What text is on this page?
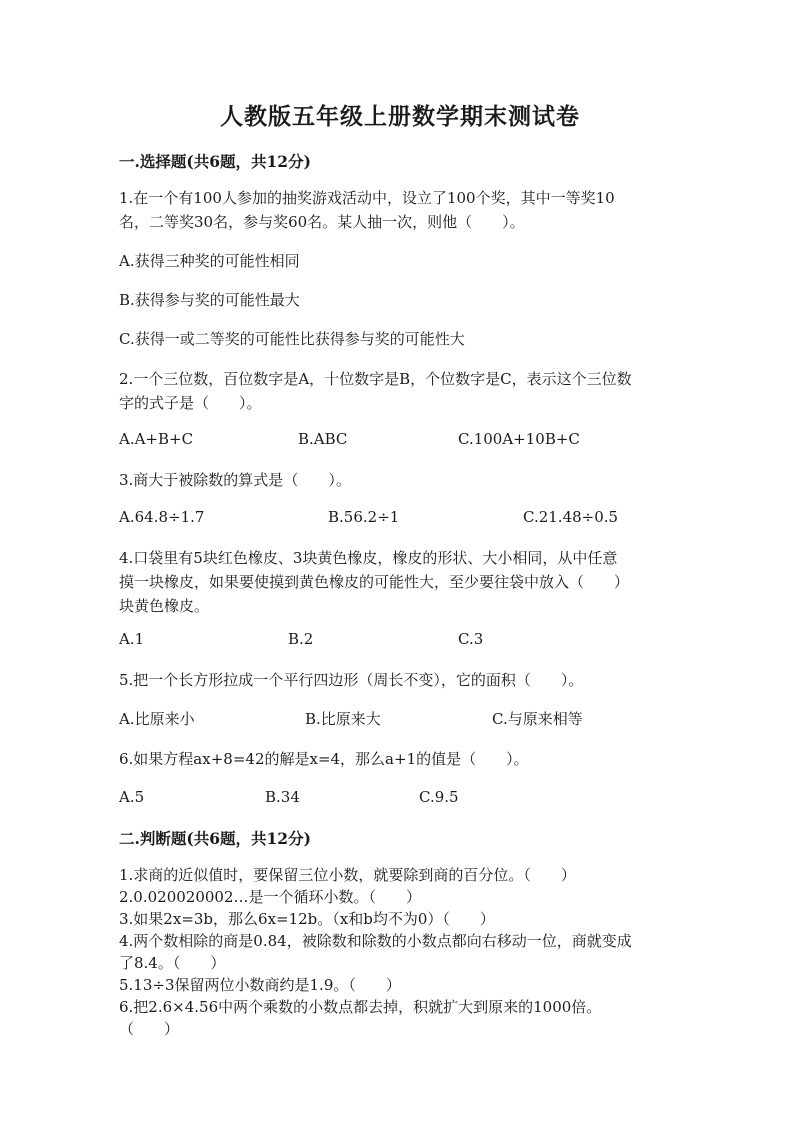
人教版五年级上册数学期末测试卷
一.选择题(共6题，共12分)
1.在一个有100人参加的抽奖游戏活动中，设立了100个奖，其中一等奖10
名，二等奖30名，参与奖60名。某人抽一次，则他（　　）。
A.获得三种奖的可能性相同
B.获得参与奖的可能性最大
C.获得一或二等奖的可能性比获得参与奖的可能性大
2.一个三位数，百位数字是A，十位数字是B，个位数字是C，表示这个三位数
字的式子是（　　）。
A.A+B+C	B.ABC	C.100A+10B+C
3.商大于被除数的算式是（　　）。
A.64.8÷1.7	B.56.2÷1	C.21.48÷0.5
4.口袋里有5块红色橡皮、3块黄色橡皮，橡皮的形状、大小相同，从中任意
摸一块橡皮，如果要使摸到黄色橡皮的可能性大，至少要往袋中放入（　　）
块黄色橡皮。
A.1	B.2	C.3
5.把一个长方形拉成一个平行四边形（周长不变），它的面积（　　）。
A.比原来小	B.比原来大	C.与原来相等
6.如果方程ax+8=42的解是x=4，那么a+1的值是（　　）。
A.5	B.34	C.9.5
二.判断题(共6题，共12分)
1.求商的近似值时，要保留三位小数，就要除到商的百分位。（　　）
2.0.020020002…是一个循环小数。（　　）
3.如果2x=3b，那么6x=12b。（x和b均不为0）（　　）
4.两个数相除的商是0.84，被除数和除数的小数点都向右移动一位，商就变成
了8.4。（　　）
5.13÷3保留两位小数商约是1.9。（　　）
6.把2.6×4.56中两个乘数的小数点都去掉，积就扩大到原来的1000倍。
（　　）
